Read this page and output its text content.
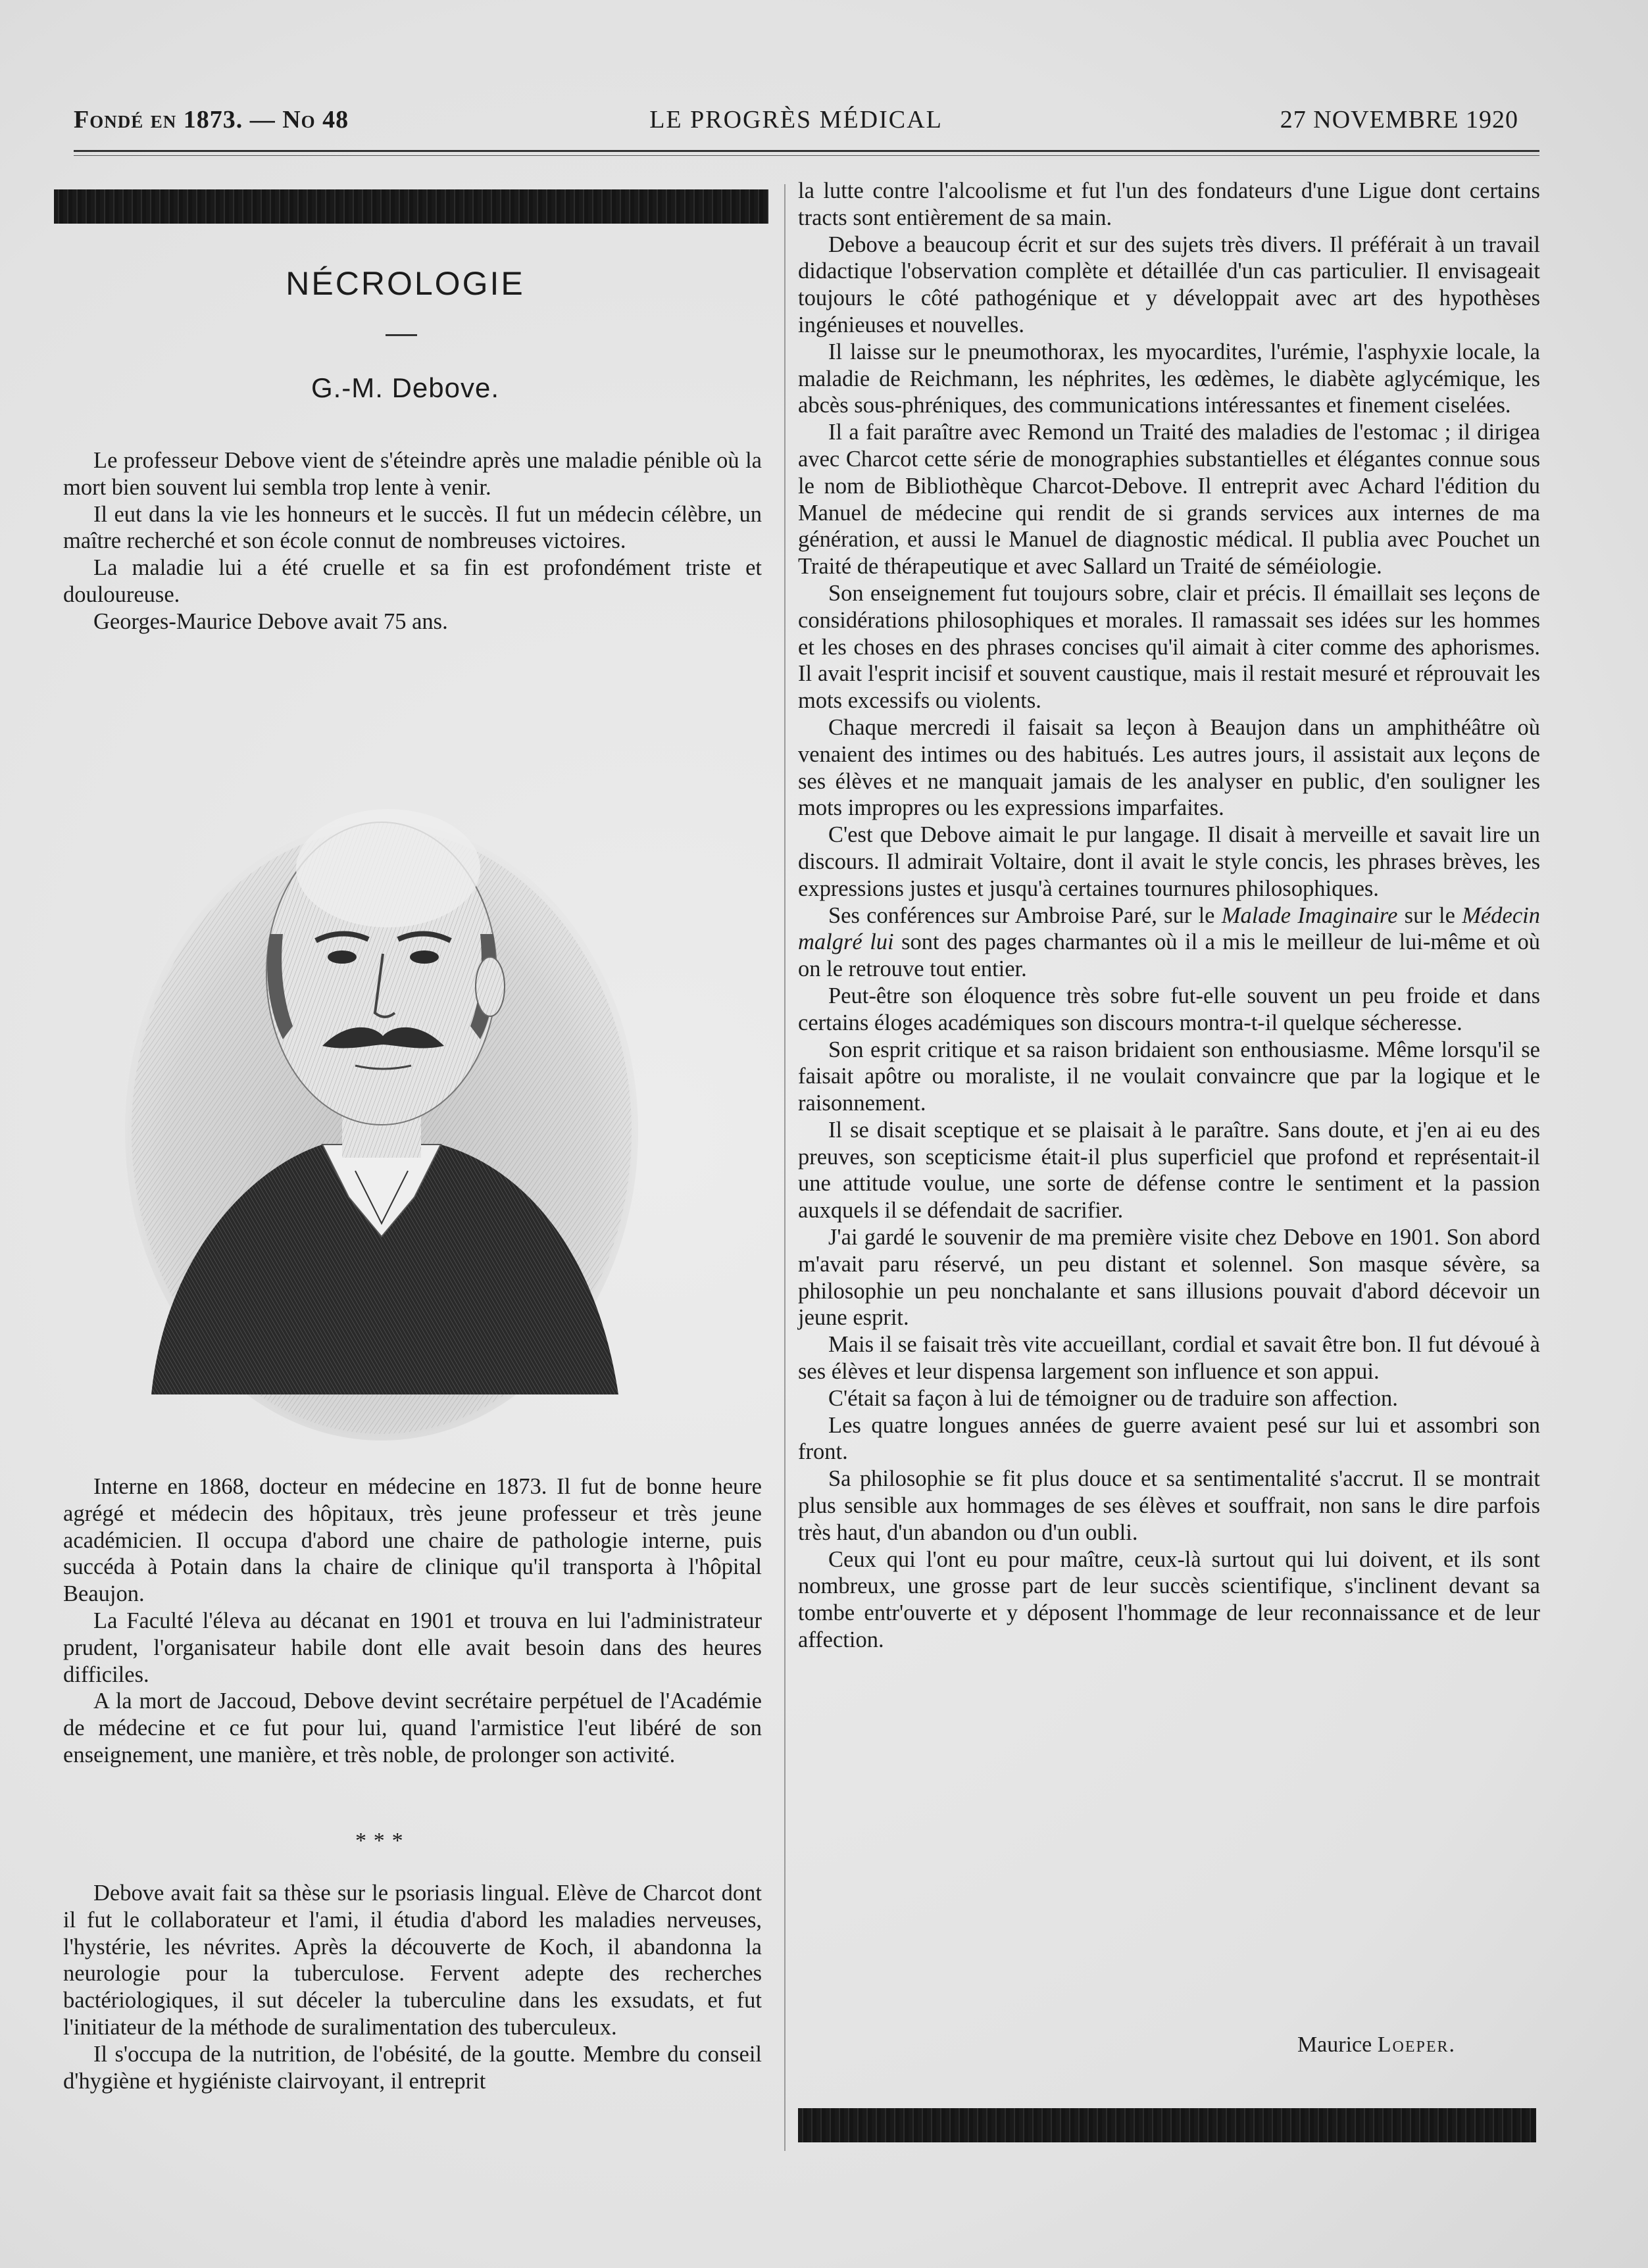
Fondé en 1873. — No 48	LE PROGRÈS MÉDICAL	27 NOVEMBRE 1920
NÉCROLOGIE
G.-M. Debove.

Le professeur Debove vient de s'éteindre après une maladie pénible où la mort bien souvent lui sembla trop lente à venir.

Il eut dans la vie les honneurs et le succès. Il fut un médecin célèbre, un maître recherché et son école connut de nombreuses victoires.

La maladie lui a été cruelle et sa fin est profondément triste et douloureuse.

Georges-Maurice Debove avait 75 ans.

Interne en 1868, docteur en médecine en 1873. Il fut de bonne heure agrégé et médecin des hôpitaux, très jeune professeur et très jeune académicien. Il occupa d'abord une chaire de pathologie interne, puis succéda à Potain dans la chaire de clinique qu'il transporta à l'hôpital Beaujon.

La Faculté l'éleva au décanat en 1901 et trouva en lui l'administrateur prudent, l'organisateur habile dont elle avait besoin dans des heures difficiles.

A la mort de Jaccoud, Debove devint secrétaire perpétuel de l'Académie de médecine et ce fut pour lui, quand l'armistice l'eut libéré de son enseignement, une manière, et très noble, de prolonger son activité.

* * *

Debove avait fait sa thèse sur le psoriasis lingual. Elève de Charcot dont il fut le collaborateur et l'ami, il étudia d'abord les maladies nerveuses, l'hystérie, les névrites. Après la découverte de Koch, il abandonna la neurologie pour la tuberculose. Fervent adepte des recherches bactériologiques, il sut déceler la tuberculine dans les exsudats, et fut l'initiateur de la méthode de suralimentation des tuberculeux.

Il s'occupa de la nutrition, de l'obésité, de la goutte. Membre du conseil d'hygiène et hygiéniste clairvoyant, il entreprit

la lutte contre l'alcoolisme et fut l'un des fondateurs d'une Ligue dont certains tracts sont entièrement de sa main.

Debove a beaucoup écrit et sur des sujets très divers. Il préférait à un travail didactique l'observation complète et détaillée d'un cas particulier. Il envisageait toujours le côté pathogénique et y développait avec art des hypothèses ingénieuses et nouvelles.

Il laisse sur le pneumothorax, les myocardites, l'urémie, l'asphyxie locale, la maladie de Reichmann, les néphrites, les œdèmes, le diabète aglycémique, les abcès sous-phréniques, des communications intéressantes et finement ciselées.

Il a fait paraître avec Remond un Traité des maladies de l'estomac ; il dirigea avec Charcot cette série de monographies substantielles et élégantes connue sous le nom de Bibliothèque Charcot-Debove. Il entreprit avec Achard l'édition du Manuel de médecine qui rendit de si grands services aux internes de ma génération, et aussi le Manuel de diagnostic médical. Il publia avec Pouchet un Traité de thérapeutique et avec Sallard un Traité de séméiologie.

Son enseignement fut toujours sobre, clair et précis. Il émaillait ses leçons de considérations philosophiques et morales. Il ramassait ses idées sur les hommes et les choses en des phrases concises qu'il aimait à citer comme des aphorismes. Il avait l'esprit incisif et souvent caustique, mais il restait mesuré et réprouvait les mots excessifs ou violents.

Chaque mercredi il faisait sa leçon à Beaujon dans un amphithéâtre où venaient des intimes ou des habitués. Les autres jours, il assistait aux leçons de ses élèves et ne manquait jamais de les analyser en public, d'en souligner les mots impropres ou les expressions imparfaites.

C'est que Debove aimait le pur langage. Il disait à merveille et savait lire un discours. Il admirait Voltaire, dont il avait le style concis, les phrases brèves, les expressions justes et jusqu'à certaines tournures philosophiques.

Ses conférences sur Ambroise Paré, sur le Malade Imaginaire sur le Médecin malgré lui sont des pages charmantes où il a mis le meilleur de lui-même et où on le retrouve tout entier.

Peut-être son éloquence très sobre fut-elle souvent un peu froide et dans certains éloges académiques son discours montra-t-il quelque sécheresse.

Son esprit critique et sa raison bridaient son enthousiasme. Même lorsqu'il se faisait apôtre ou moraliste, il ne voulait convaincre que par la logique et le raisonnement.

Il se disait sceptique et se plaisait à le paraître. Sans doute, et j'en ai eu des preuves, son scepticisme était-il plus superficiel que profond et représentait-il une attitude voulue, une sorte de défense contre le sentiment et la passion auxquels il se défendait de sacrifier.

J'ai gardé le souvenir de ma première visite chez Debove en 1901. Son abord m'avait paru réservé, un peu distant et solennel. Son masque sévère, sa philosophie un peu nonchalante et sans illusions pouvait d'abord décevoir un jeune esprit.

Mais il se faisait très vite accueillant, cordial et savait être bon. Il fut dévoué à ses élèves et leur dispensa largement son influence et son appui.

C'était sa façon à lui de témoigner ou de traduire son affection.

Les quatre longues années de guerre avaient pesé sur lui et assombri son front.

Sa philosophie se fit plus douce et sa sentimentalité s'accrut. Il se montrait plus sensible aux hommages de ses élèves et souffrait, non sans le dire parfois très haut, d'un abandon ou d'un oubli.

Ceux qui l'ont eu pour maître, ceux-là surtout qui lui doivent, et ils sont nombreux, une grosse part de leur succès scientifique, s'inclinent devant sa tombe entr'ouverte et y déposent l'hommage de leur reconnaissance et de leur affection.

Maurice Loeper.
